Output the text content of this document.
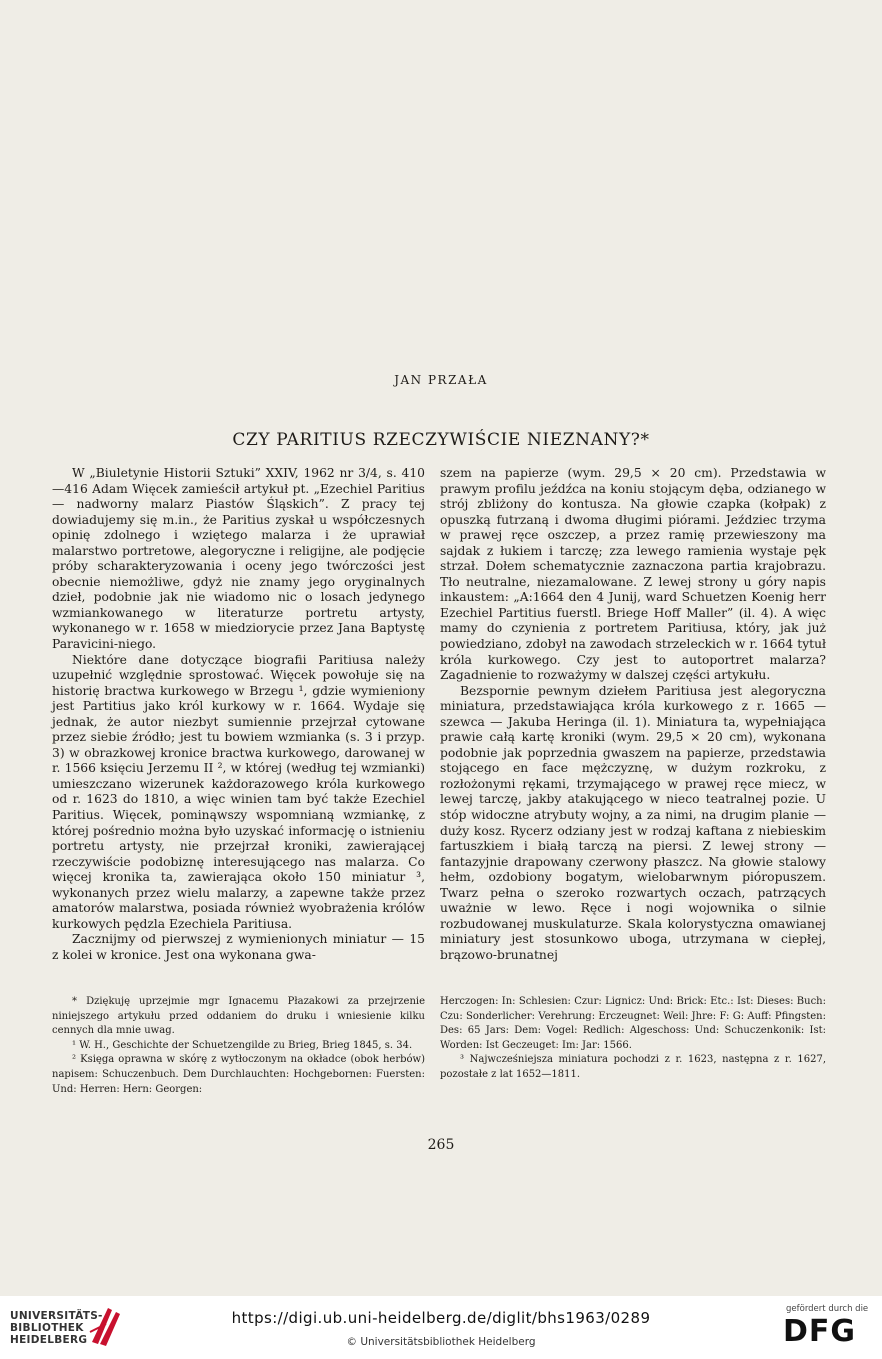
JAN PRZAŁA
CZY PARITIUS RZECZYWIŚCIE NIEZNANY?*

W „Biuletynie Historii Sztuki” XXIV, 1962 nr 3/4, s. 410—416 Adam Więcek zamieścił artykuł pt. „Ezechiel Paritius — nadworny malarz Piastów Śląskich”. Z pracy tej dowiadujemy się m.in., że Paritius zyskał u współczesnych opinię zdolnego i wziętego malarza i że uprawiał malarstwo portretowe, alegoryczne i religijne, ale podjęcie próby scharakteryzowania i oceny jego twórczości jest obecnie niemożliwe, gdyż nie znamy jego oryginalnych dzieł, podobnie jak nie wiadomo nic o losach jedynego wzmiankowanego w literaturze portretu artysty, wykonanego w r. 1658 w miedziorycie przez Jana Baptystę Paravicini-niego.

Niektóre dane dotyczące biografii Paritiusa należy uzupełnić względnie sprostować. Więcek powołuje się na historię bractwa kurkowego w Brzegu ¹, gdzie wymieniony jest Partitius jako król kurkowy w r. 1664. Wydaje się jednak, że autor niezbyt sumiennie przejrzał cytowane przez siebie źródło; jest tu bowiem wzmianka (s. 3 i przyp. 3) w obrazkowej kronice bractwa kurkowego, darowanej w r. 1566 księciu Jerzemu II ², w której (według tej wzmianki) umieszczano wizerunek każdorazowego króla kurkowego od r. 1623 do 1810, a więc winien tam być także Ezechiel Paritius. Więcek, pominąwszy wspomnianą wzmiankę, z której pośrednio można było uzyskać informację o istnieniu portretu artysty, nie przejrzał kroniki, zawierającej rzeczywiście podobiznę interesującego nas malarza. Co więcej kronika ta, zawierająca około 150 miniatur ³, wykonanych przez wielu malarzy, a zapewne także przez amatorów malarstwa, posiada również wyobrażenia królów kurkowych pędzla Ezechiela Paritiusa.

Zacznijmy od pierwszej z wymienionych miniatur — 15 z kolei w kronice. Jest ona wykonana gwa-

szem na papierze (wym. 29,5 × 20 cm). Przedstawia w prawym profilu jeźdźca na koniu stojącym dęba, odzianego w strój zbliżony do kontusza. Na głowie czapka (kołpak) z opuszką futrzaną i dwoma długimi piórami. Jeździec trzyma w prawej ręce oszczep, a przez ramię przewieszony ma sajdak z łukiem i tarczę; zza lewego ramienia wystaje pęk strzał. Dołem schematycznie zaznaczona partia krajobrazu. Tło neutralne, niezamalowane. Z lewej strony u góry napis inkaustem: „A:1664 den 4 Junij, ward Schuetzen Koenig herr Ezechiel Partitius fuerstl. Briege Hoff Maller” (il. 4). A więc mamy do czynienia z portretem Paritiusa, który, jak już powiedziano, zdobył na zawodach strzeleckich w r. 1664 tytuł króla kurkowego. Czy jest to autoportret malarza? Zagadnienie to rozważymy w dalszej części artykułu.

Bezspornie pewnym dziełem Paritiusa jest alegoryczna miniatura, przedstawiająca króla kurkowego z r. 1665 — szewca — Jakuba Heringa (il. 1). Miniatura ta, wypełniająca prawie całą kartę kroniki (wym. 29,5 × 20 cm), wykonana podobnie jak poprzednia gwaszem na papierze, przedstawia stojącego en face mężczyznę, w dużym rozkroku, z rozłożonymi rękami, trzymającego w prawej ręce miecz, w lewej tarczę, jakby atakującego w nieco teatralnej pozie. U stóp widoczne atrybuty wojny, a za nimi, na drugim planie — duży kosz. Rycerz odziany jest w rodzaj kaftana z niebieskim fartuszkiem i białą tarczą na piersi. Z lewej strony — fantazyjnie drapowany czerwony płaszcz. Na głowie stalowy hełm, ozdobiony bogatym, wielobarwnym pióropuszem. Twarz pełna o szeroko rozwartych oczach, patrzących uważnie w lewo. Ręce i nogi wojownika o silnie rozbudowanej muskulaturze. Skala kolorystyczna omawianej miniatury jest stosunkowo uboga, utrzymana w ciepłej, brązowo-brunatnej

* Dziękuję uprzejmie mgr Ignacemu Płazakowi za przejrzenie niniejszego artykułu przed oddaniem do druku i wniesienie kilku cennych dla mnie uwag.

¹ W. H., Geschichte der Schuetzengilde zu Brieg, Brieg 1845, s. 34.

² Księga oprawna w skórę z wytłoczonym na okładce (obok herbów) napisem: Schuczenbuch. Dem Durchlauchten: Hochgebornen: Fuersten: Und: Herren: Hern: Georgen:

Herczogen: In: Schlesien: Czur: Lignicz: Und: Brick: Etc.: Ist: Dieses: Buch: Czu: Sonderlicher: Verehrung: Erczeugnet: Weil: Jhre: F: G: Auff: Pfingsten: Des: 65 Jars: Dem: Vogel: Redlich: Algeschoss: Und: Schuczenkonik: Ist: Worden: Ist Geczeuget: Im: Jar: 1566.

³ Najwcześniejsza miniatura pochodzi z r. 1623, następna z r. 1627, pozostałe z lat 1652—1811.

265
UNIVERSITÄTS-
BIBLIOTHEK
HEIDELBERG
https://digi.ub.uni-heidelberg.de/diglit/bhs1963/0289
© Universitätsbibliothek Heidelberg
gefördert durch die
DFG
